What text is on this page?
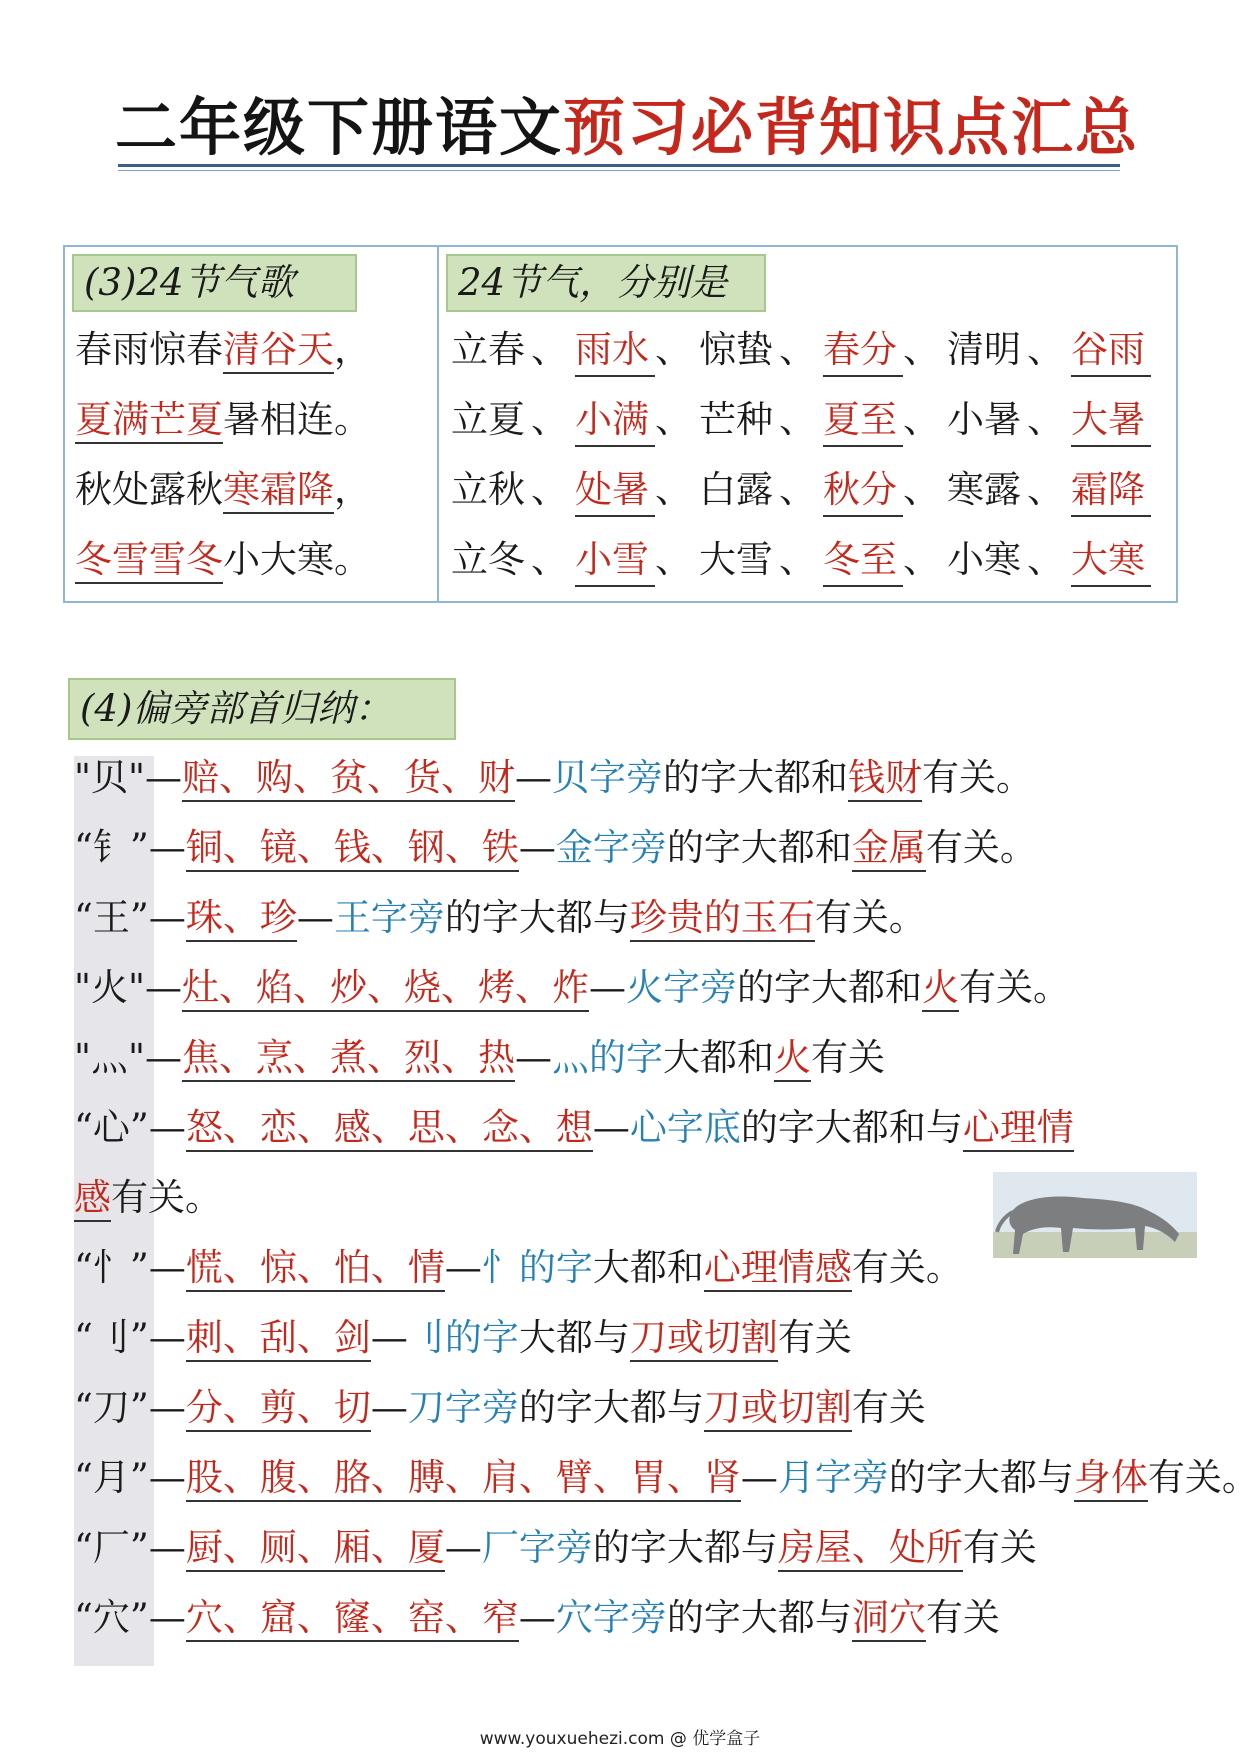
二年级下册语文预习必背知识点汇总
(3)24节气歌
春雨惊春清谷天，
夏满芒夏暑相连。
秋处露秋寒霜降，
冬雪雪冬小大寒。
24节气，分别是
立春 、 雨水 、 惊蛰 、 春分 、 清明 、 谷雨
立夏 、 小满 、 芒种 、 夏至 、 小暑 、 大暑
立秋 、 处暑 、 白露 、 秋分 、 寒露 、 霜降
立冬 、 小雪 、 大雪 、 冬至 、 小寒 、 大寒
(4)偏旁部首归纳：
"贝"—赔、购、贫、货、财—贝字旁的字大都和钱财有关。
“钅”—铜、镜、钱、钢、铁—金字旁的字大都和金属有关。
“王”—珠、珍—王字旁的字大都与珍贵的玉石有关。
"火"—灶、焰、炒、烧、烤、炸—火字旁的字大都和火有关。
"灬"—焦、烹、煮、烈、热—灬的字大都和火有关
“心”—怒、恋、感、思、念、想—心字底的字大都和与心理情
感有关。
“忄”—慌、惊、怕、情—忄的字大都和心理情感有关。
“刂”—刺、刮、剑—刂的字大都与刀或切割有关
“刀”—分、剪、切—刀字旁的字大都与刀或切割有关
“月”—股、腹、胳、膊、肩、臂、胃、肾—月字旁的字大都与身体有关。
“厂”—厨、厕、厢、厦—厂字旁的字大都与房屋、处所有关
“穴”—穴、窟、窿、窑、窄—穴字旁的字大都与洞穴有关
www.youxuehezi.com @ 优学盒子
